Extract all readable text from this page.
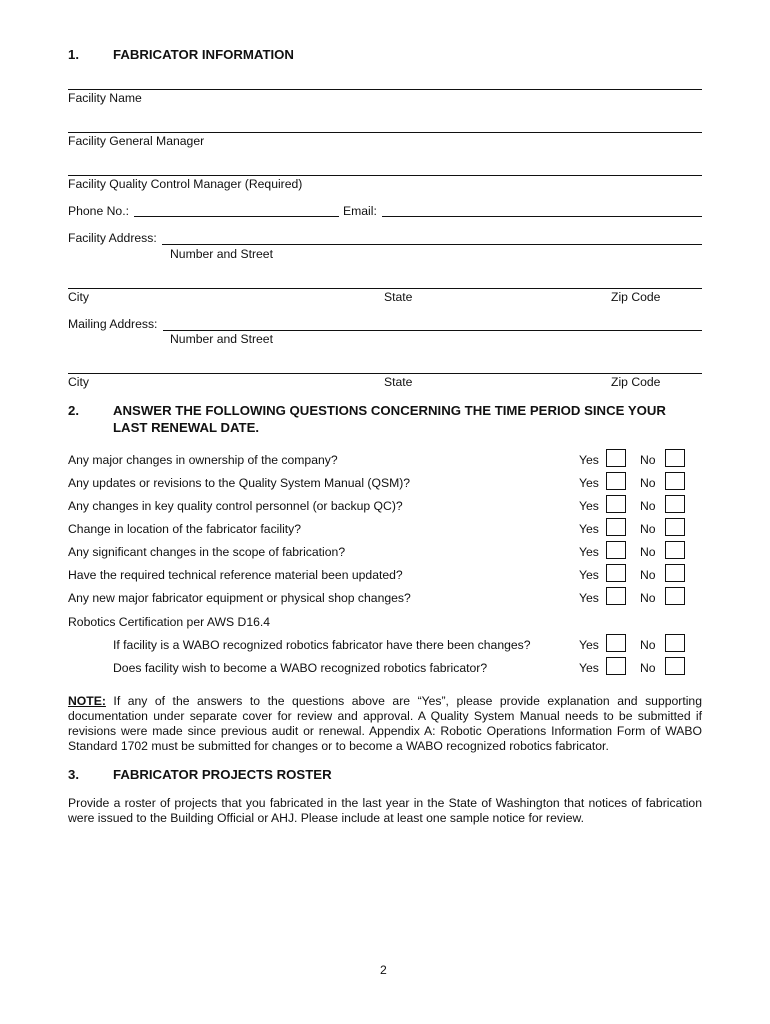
1.	FABRICATOR INFORMATION
Facility Name
Facility General Manager
Facility Quality Control Manager (Required)
Phone No.:	Email:
Facility Address:
Number and Street
City	State	Zip Code
Mailing Address:
Number and Street
City	State	Zip Code
2.	ANSWER THE FOLLOWING QUESTIONS CONCERNING THE TIME PERIOD SINCE YOUR
LAST RENEWAL DATE.
Any major changes in ownership of the company?	Yes	No
Any updates or revisions to the Quality System Manual (QSM)?	Yes	No
Any changes in key quality control personnel (or backup QC)?	Yes	No
Change in location of the fabricator facility?	Yes	No
Any significant changes in the scope of fabrication?	Yes	No
Have the required technical reference material been updated?	Yes	No
Any new major fabricator equipment or physical shop changes?	Yes	No
Robotics Certification per AWS D16.4
If facility is a WABO recognized robotics fabricator have there been changes?	Yes	No
Does facility wish to become a WABO recognized robotics fabricator?	Yes	No
NOTE: If any of the answers to the questions above are “Yes”, please provide explanation and supporting documentation under separate cover for review and approval. A Quality System Manual needs to be submitted if revisions were made since previous audit or renewal. Appendix A: Robotic Operations Information Form of WABO Standard 1702 must be submitted for changes or to become a WABO recognized robotics fabricator.
3.	FABRICATOR PROJECTS ROSTER
Provide a roster of projects that you fabricated in the last year in the State of Washington that notices of fabrication were issued to the Building Official or AHJ. Please include at least one sample notice for review.
2
